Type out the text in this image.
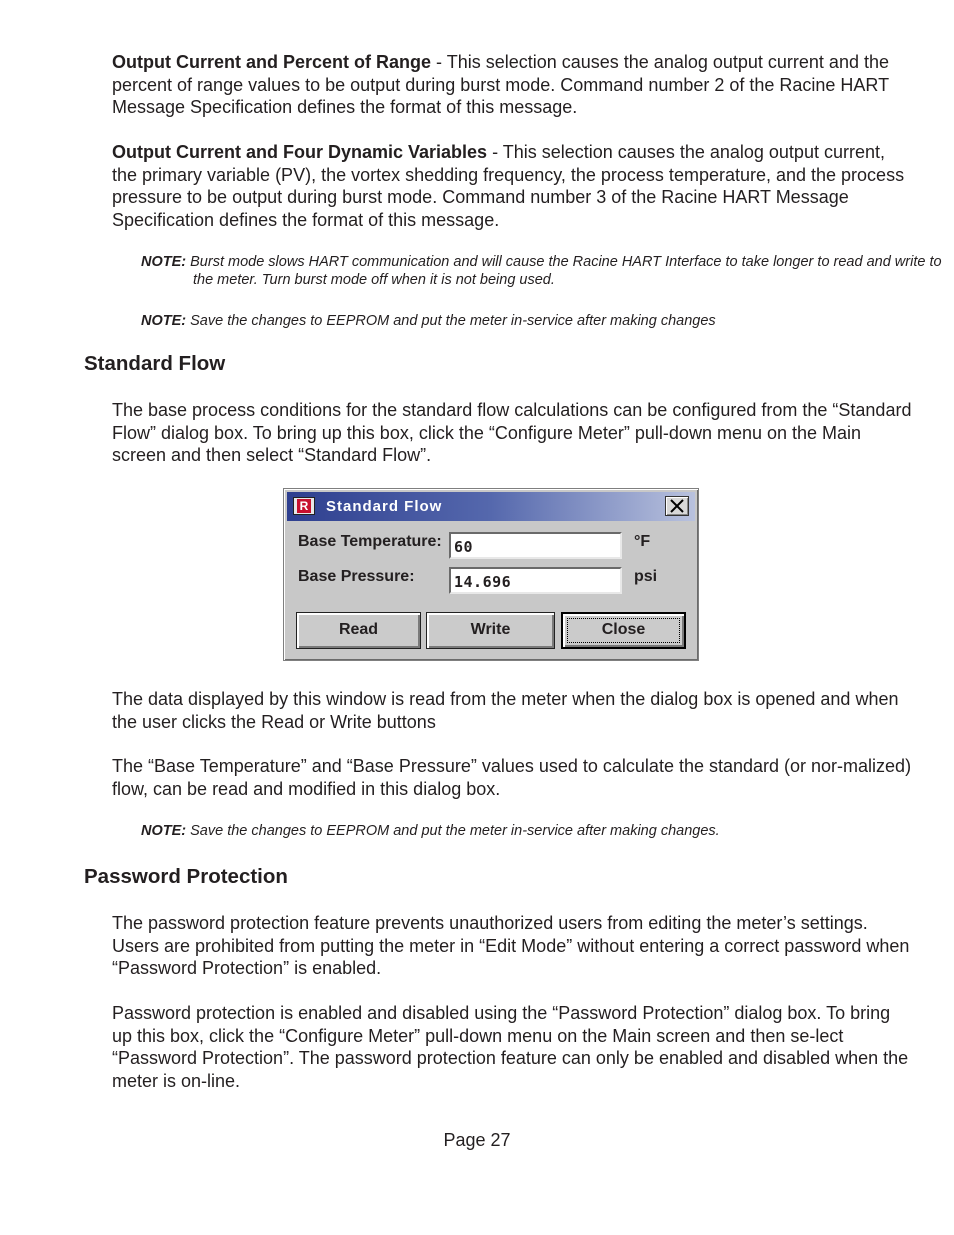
Output Current and Percent of Range - This selection causes the analog output current and the percent of range values to be output during burst mode. Command number 2 of the Racine HART Message Specification defines the format of this message.

Output Current and Four Dynamic Variables - This selection causes the analog output current, the primary variable (PV), the vortex shedding frequency, the process temperature, and the process pressure to be output during burst mode. Command number 3 of the Racine HART Message Specification defines the format of this message.

NOTE: Burst mode slows HART communication and will cause the Racine HART Interface to take longer to read and write to the meter. Turn burst mode off when it is not being used.

NOTE: Save the changes to EEPROM and put the meter in-service after making changes

Standard Flow

The base process conditions for the standard flow calculations can be configured from the “Standard Flow” dialog box. To bring up this box, click the “Configure Meter” pull-down menu on the Main screen and then select “Standard Flow”.

R Standard Flow
Base Temperature: 60	°F
Base Pressure:	14.696	psi
Read	Write	Close

The data displayed by this window is read from the meter when the dialog box is opened and when the user clicks the Read or Write buttons

The “Base Temperature” and “Base Pressure” values used to calculate the standard (or nor-malized) flow, can be read and modified in this dialog box.

NOTE: Save the changes to EEPROM and put the meter in-service after making changes.

Password Protection

The password protection feature prevents unauthorized users from editing the meter’s settings. Users are prohibited from putting the meter in “Edit Mode” without entering a correct password when “Password Protection” is enabled.

Password protection is enabled and disabled using the “Password Protection” dialog box. To bring up this box, click the “Configure Meter” pull-down menu on the Main screen and then se-lect “Password Protection”. The password protection feature can only be enabled and disabled when the meter is on-line.

Page 27
